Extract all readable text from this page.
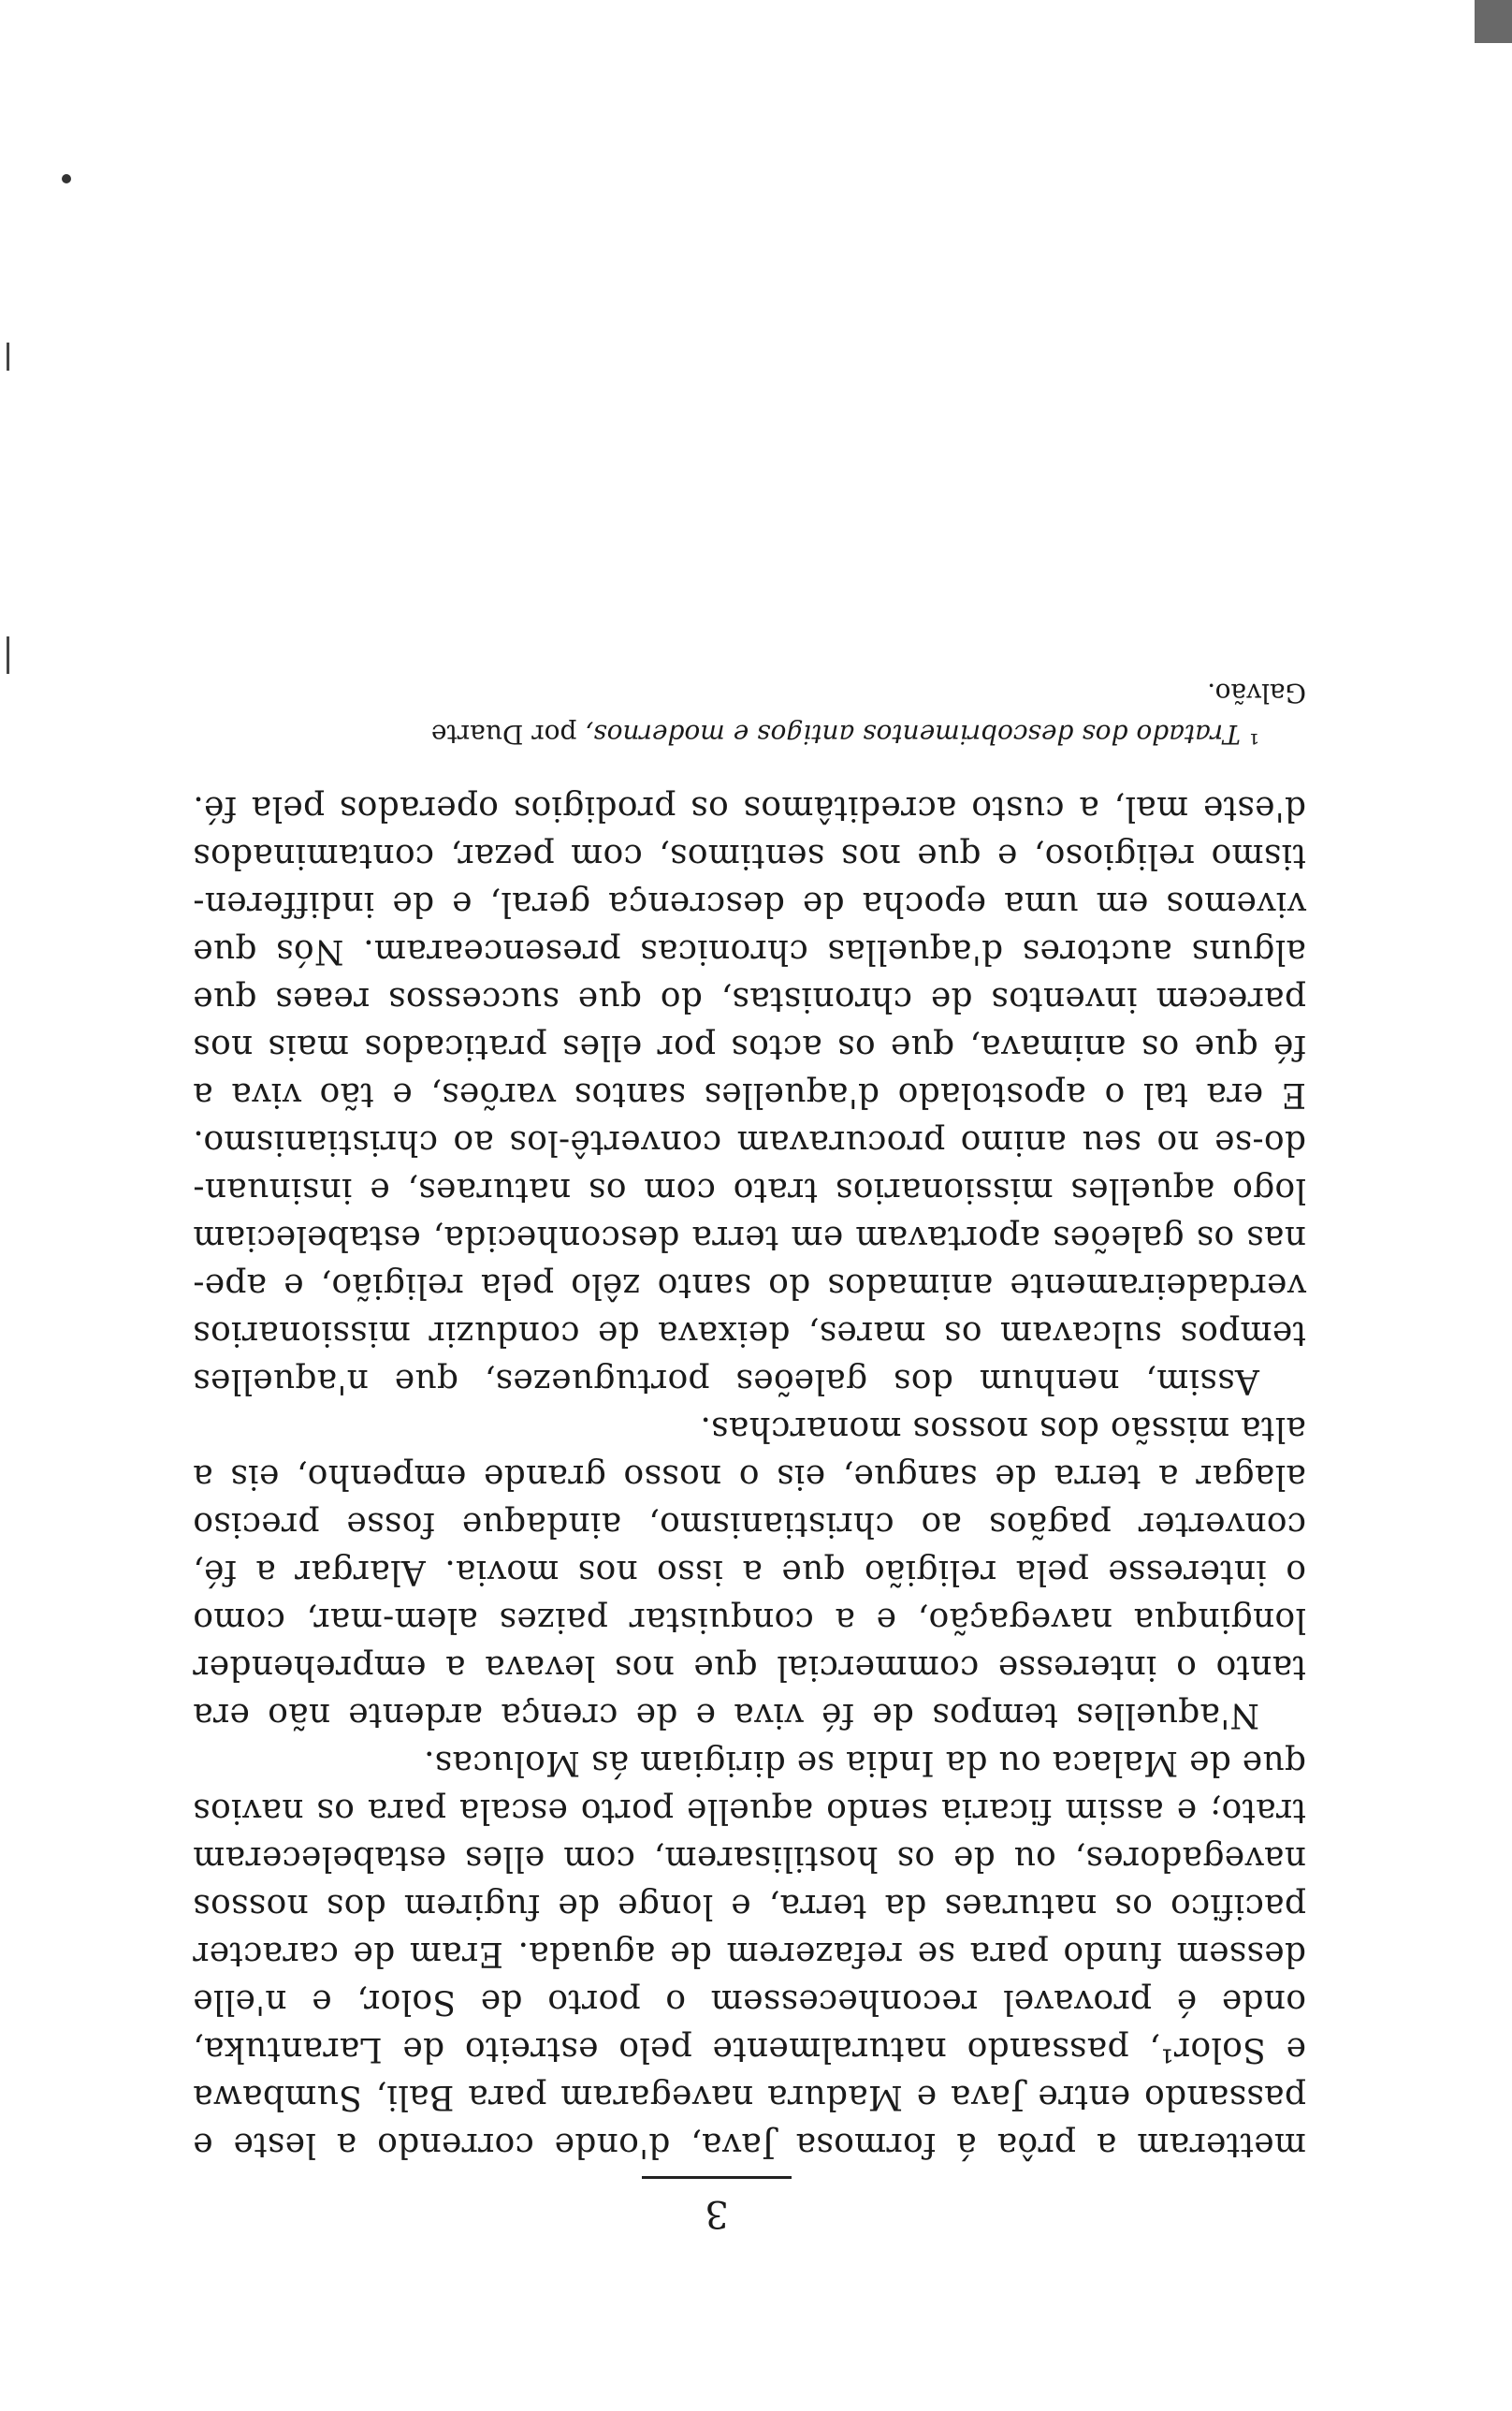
3
metteram a prôa á formosa Java, d'onde correndo a leste e
passando entre Java e Madura navegaram para Bali, Sumbawa
e Solor¹, passando naturalmente pelo estreito de Larantuka,
onde é provavel reconhecessem o porto de Solor, e n'elle
dessem fundo para se refazerem de aguada. Eram de caracter
pacifico os naturaes da terra, e longe de fugirem dos nossos
navegadores, ou de os hostilisarem, com elles estabeleceram
trato; e assim ficaria sendo aquelle porto escala para os navios
que de Malaca ou da India se dirigiam ás Molucas.
N'aquelles tempos de fé viva e de crença ardente não era
tanto o interesse commercial que nos levava a emprehender
longinqua navegação, e a conquistar paizes alem-mar, como
o interesse pela religião que a isso nos movia. Alargar a fé,
converter pagãos ao christianismo, aindaque fosse preciso
alagar a terra de sangue, eis o nosso grande empenho, eis a
alta missão dos nossos monarchas.
Assim, nenhum dos galeões portuguezes, que n'aquelles
tempos sulcavam os mares, deixava de conduzir missionarios
verdadeiramente animados do santo zêlo pela religião, e ape-
nas os galeões aportavam em terra desconhecida, estabeleciam
logo aquelles missionarios trato com os naturaes, e insinuan-
do-se no seu animo procuravam convertê-los ao christianismo.
E era tal o apostolado d'aquelles santos varões, e tão viva a
fé que os animava, que os actos por elles praticados mais nos
parecem inventos de chronistas, do que successos reaes que
alguns auctores d'aquellas chronicas presencearam. Nós que
vivemos em uma epocha de descrença geral, e de indifferen-
tismo religioso, e que nos sentimos, com pezar, contaminados
d'este mal, a custo acreditâmos os prodigios operados pela fé.
¹ Tratado dos descobrimentos antigos e modernos, por Duarte
Galvão.
